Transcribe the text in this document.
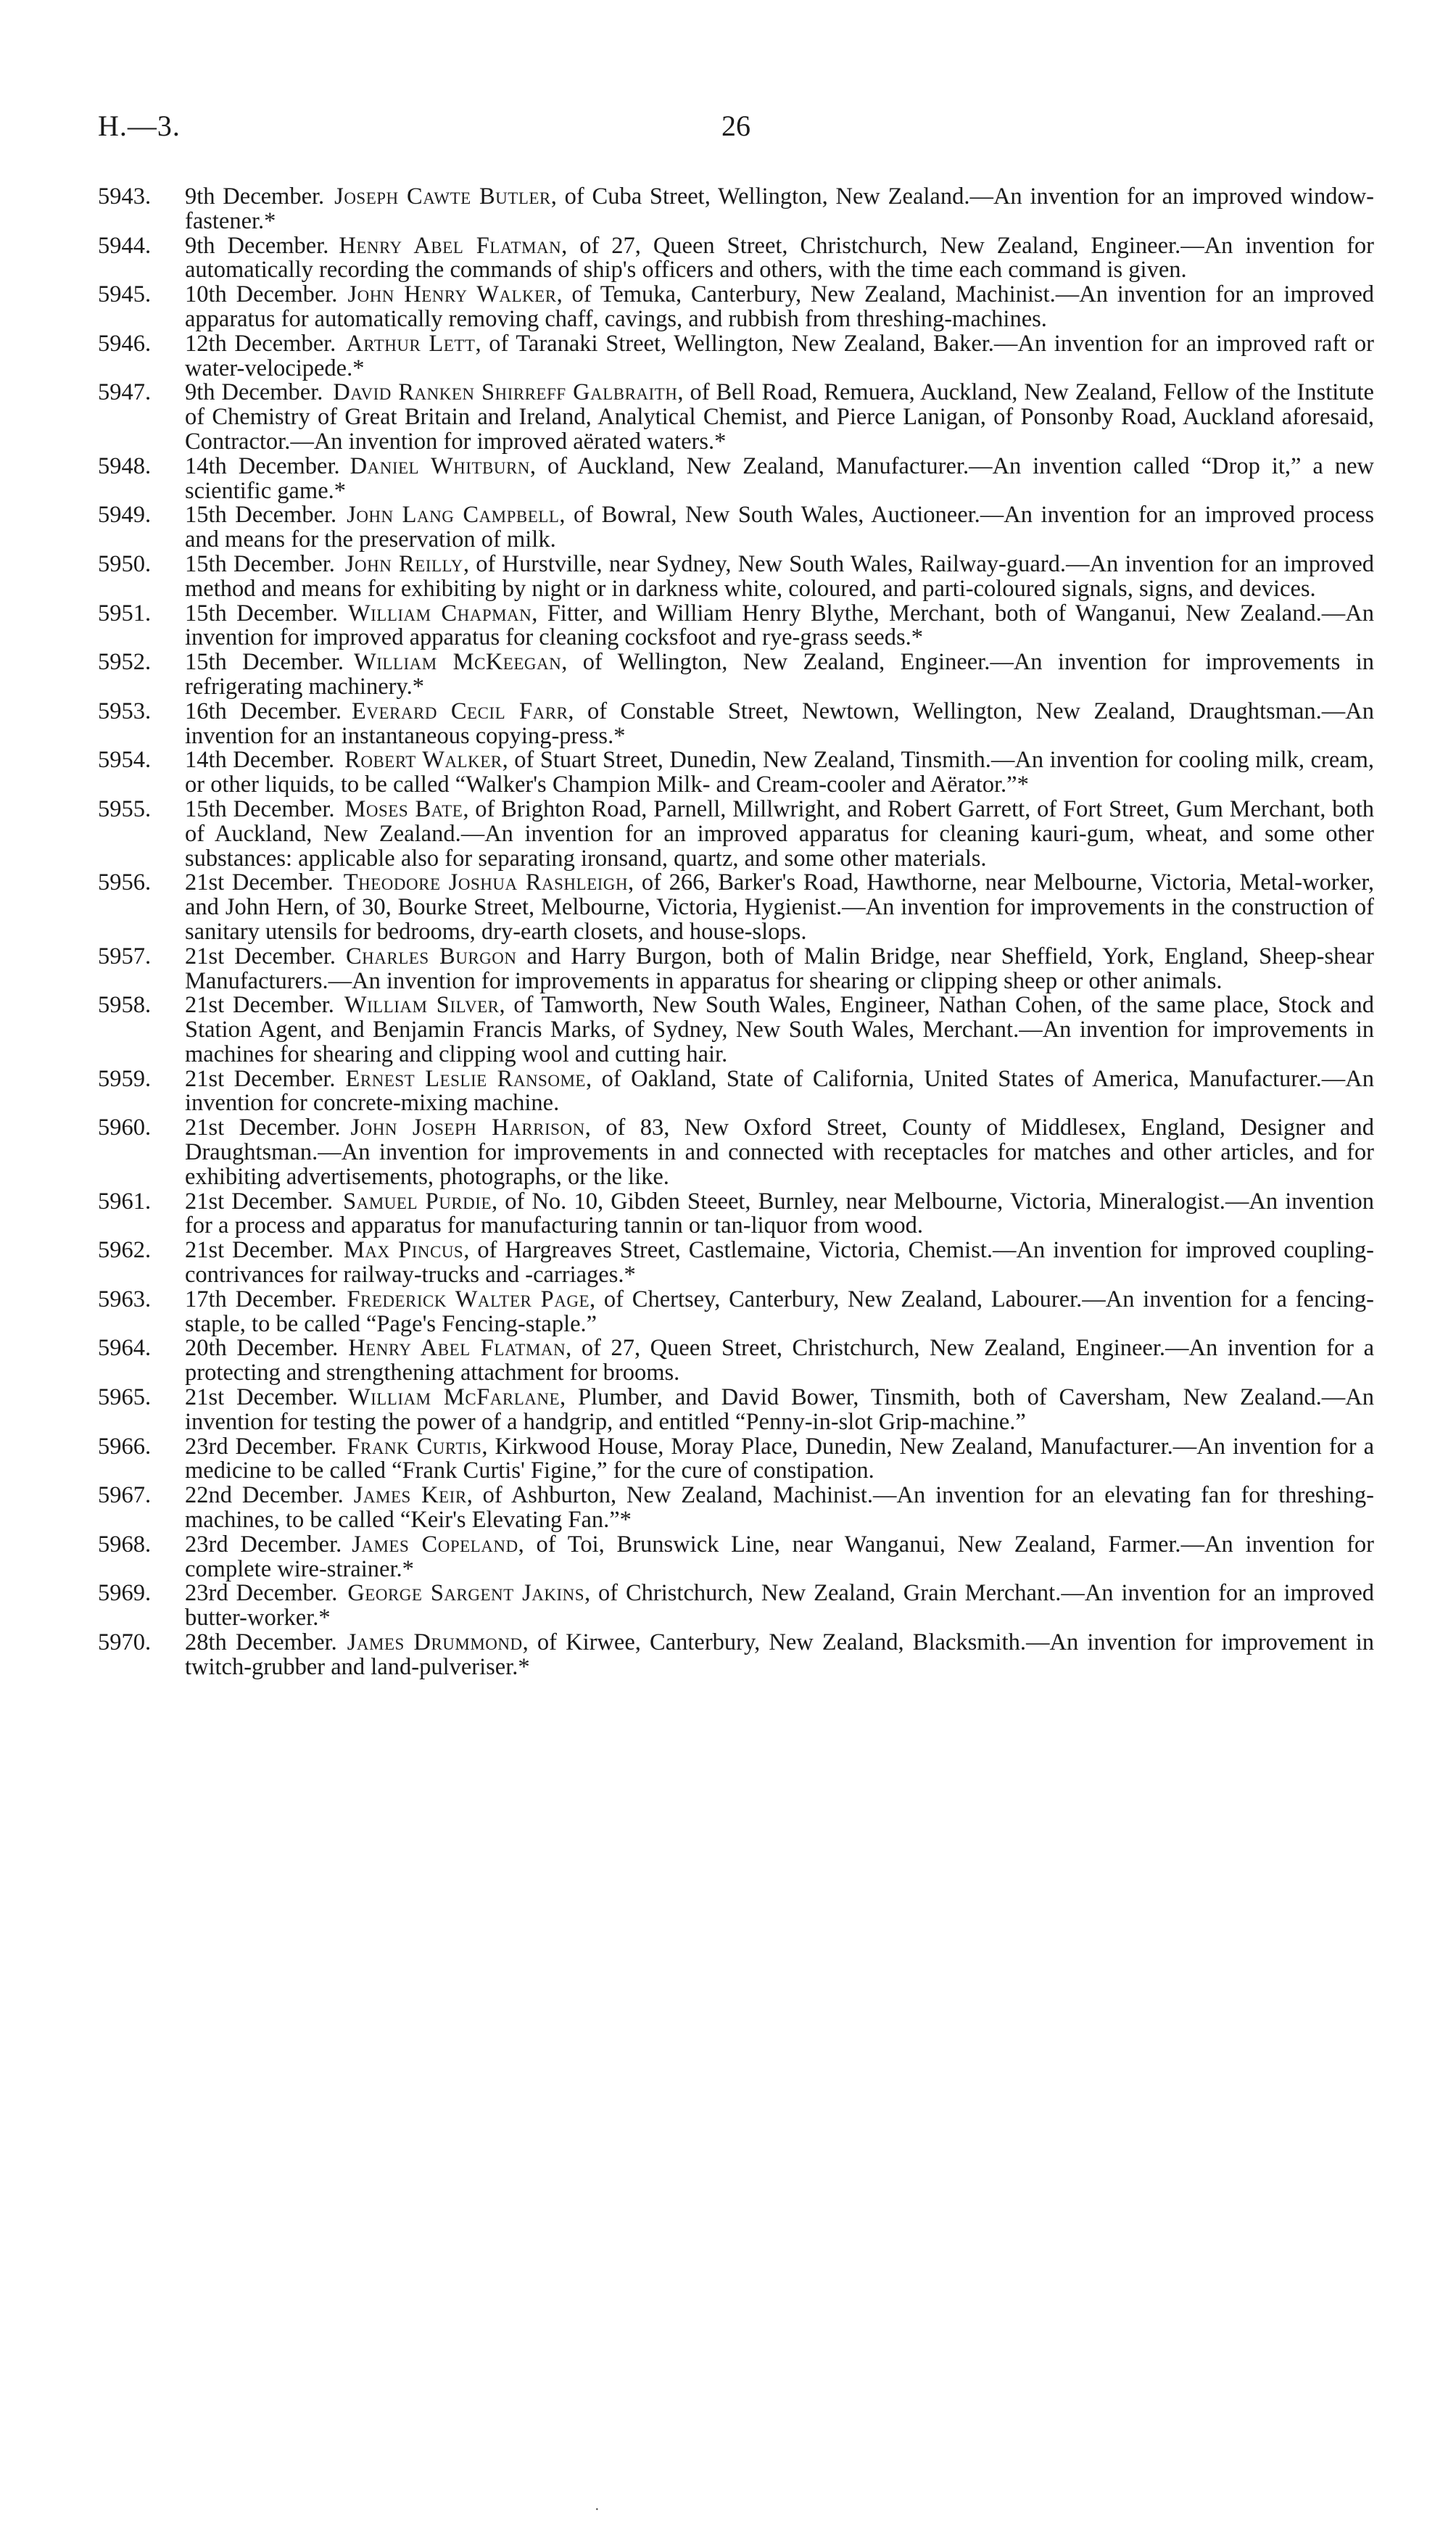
H.—3.	26
5943.	9th December. Joseph Cawte Butler, of Cuba Street, Wellington, New Zealand.—An invention for an improved window-fastener.*
5944.	9th December. Henry Abel Flatman, of 27, Queen Street, Christchurch, New Zealand, Engineer.—An invention for automatically recording the commands of ship's officers and others, with the time each command is given.
5945.	10th December. John Henry Walker, of Temuka, Canterbury, New Zealand, Machinist.—An invention for an improved apparatus for automatically removing chaff, cavings, and rubbish from threshing-machines.
5946.	12th December. Arthur Lett, of Taranaki Street, Wellington, New Zealand, Baker.—An invention for an improved raft or water-velocipede.*
5947.	9th December. David Ranken Shirreff Galbraith, of Bell Road, Remuera, Auckland, New Zealand, Fellow of the Institute of Chemistry of Great Britain and Ireland, Analytical Chemist, and Pierce Lanigan, of Ponsonby Road, Auckland aforesaid, Contractor.—An invention for improved aërated waters.*
5948.	14th December. Daniel Whitburn, of Auckland, New Zealand, Manufacturer.—An invention called “Drop it,” a new scientific game.*
5949.	15th December. John Lang Campbell, of Bowral, New South Wales, Auctioneer.—An invention for an improved process and means for the preservation of milk.
5950.	15th December. John Reilly, of Hurstville, near Sydney, New South Wales, Railway-guard.—An invention for an improved method and means for exhibiting by night or in darkness white, coloured, and parti-coloured signals, signs, and devices.
5951.	15th December. William Chapman, Fitter, and William Henry Blythe, Merchant, both of Wanganui, New Zealand.—An invention for improved apparatus for cleaning cocksfoot and rye-grass seeds.*
5952.	15th December. William McKeegan, of Wellington, New Zealand, Engineer.—An invention for improvements in refrigerating machinery.*
5953.	16th December. Everard Cecil Farr, of Constable Street, Newtown, Wellington, New Zealand, Draughtsman.—An invention for an instantaneous copying-press.*
5954.	14th December. Robert Walker, of Stuart Street, Dunedin, New Zealand, Tinsmith.—An invention for cooling milk, cream, or other liquids, to be called “Walker's Champion Milk- and Cream-cooler and Aërator.”*
5955.	15th December. Moses Bate, of Brighton Road, Parnell, Millwright, and Robert Garrett, of Fort Street, Gum Merchant, both of Auckland, New Zealand.—An invention for an improved apparatus for cleaning kauri-gum, wheat, and some other substances: applicable also for separating ironsand, quartz, and some other materials.
5956.	21st December. Theodore Joshua Rashleigh, of 266, Barker's Road, Hawthorne, near Melbourne, Victoria, Metal-worker, and John Hern, of 30, Bourke Street, Melbourne, Victoria, Hygienist.—An invention for improvements in the construction of sanitary utensils for bedrooms, dry-earth closets, and house-slops.
5957.	21st December. Charles Burgon and Harry Burgon, both of Malin Bridge, near Sheffield, York, England, Sheep-shear Manufacturers.—An invention for improvements in apparatus for shearing or clipping sheep or other animals.
5958.	21st December. William Silver, of Tamworth, New South Wales, Engineer, Nathan Cohen, of the same place, Stock and Station Agent, and Benjamin Francis Marks, of Sydney, New South Wales, Merchant.—An invention for improvements in machines for shearing and clipping wool and cutting hair.
5959.	21st December. Ernest Leslie Ransome, of Oakland, State of California, United States of America, Manufacturer.—An invention for concrete-mixing machine.
5960.	21st December. John Joseph Harrison, of 83, New Oxford Street, County of Middlesex, England, Designer and Draughtsman.—An invention for improvements in and connected with receptacles for matches and other articles, and for exhibiting advertisements, photographs, or the like.
5961.	21st December. Samuel Purdie, of No. 10, Gibden Steeet, Burnley, near Melbourne, Victoria, Mineralogist.—An invention for a process and apparatus for manufacturing tannin or tan-liquor from wood.
5962.	21st December. Max Pincus, of Hargreaves Street, Castlemaine, Victoria, Chemist.—An invention for improved coupling-contrivances for railway-trucks and -carriages.*
5963.	17th December. Frederick Walter Page, of Chertsey, Canterbury, New Zealand, Labourer.—An invention for a fencing-staple, to be called “Page's Fencing-staple.”
5964.	20th December. Henry Abel Flatman, of 27, Queen Street, Christchurch, New Zealand, Engineer.—An invention for a protecting and strengthening attachment for brooms.
5965.	21st December. William McFarlane, Plumber, and David Bower, Tinsmith, both of Caversham, New Zealand.—An invention for testing the power of a handgrip, and entitled “Penny-in-slot Grip-machine.”
5966.	23rd December. Frank Curtis, Kirkwood House, Moray Place, Dunedin, New Zealand, Manufacturer.—An invention for a medicine to be called “Frank Curtis' Figine,” for the cure of constipation.
5967.	22nd December. James Keir, of Ashburton, New Zealand, Machinist.—An invention for an elevating fan for threshing-machines, to be called “Keir's Elevating Fan.”*
5968.	23rd December. James Copeland, of Toi, Brunswick Line, near Wanganui, New Zealand, Farmer.—An invention for complete wire-strainer.*
5969.	23rd December. George Sargent Jakins, of Christchurch, New Zealand, Grain Merchant.—An invention for an improved butter-worker.*
5970.	28th December. James Drummond, of Kirwee, Canterbury, New Zealand, Blacksmith.—An invention for improvement in twitch-grubber and land-pulveriser.*
·
